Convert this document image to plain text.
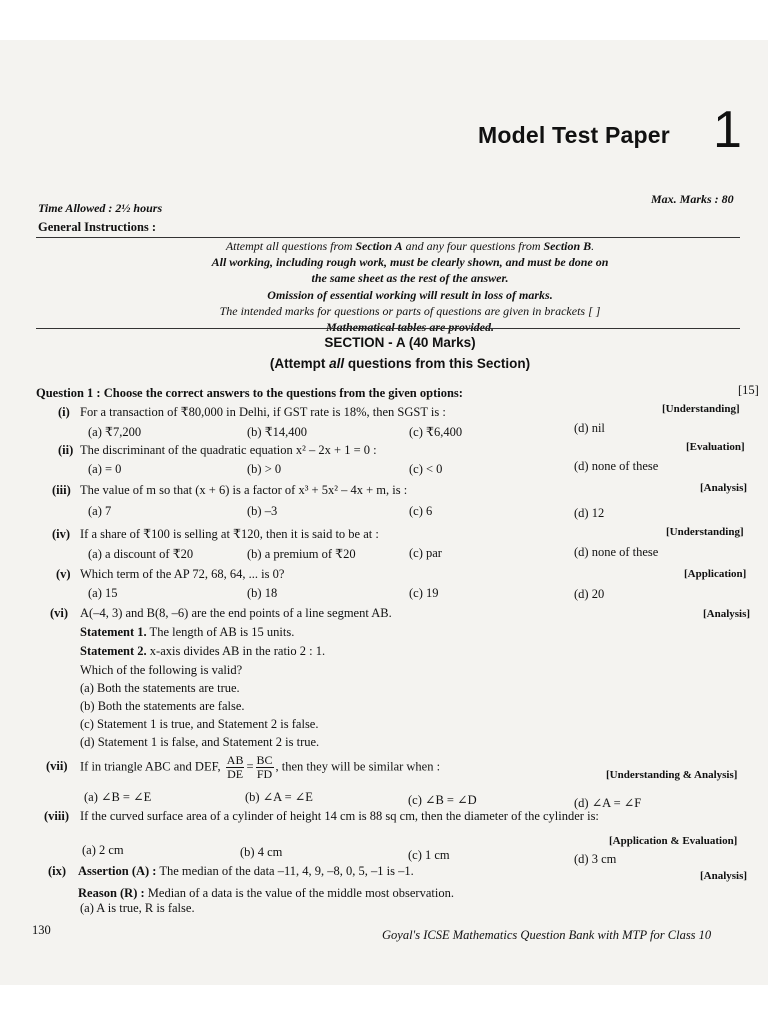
Model Test Paper 1
Time Allowed : 2½ hours
Max. Marks : 80
General Instructions :
Attempt all questions from Section A and any four questions from Section B.
All working, including rough work, must be clearly shown, and must be done on
the same sheet as the rest of the answer.
Omission of essential working will result in loss of marks.
The intended marks for questions or parts of questions are given in brackets [ ]
SECTION - A (40 Marks)
(Attempt all questions from this Section)
Question 1 : Choose the correct answers to the questions from the given options:	[15]
(i) For a transaction of ₹80,000 in Delhi, if GST rate is 18%, then SGST is :	[Understanding]
(a) ₹7,200	(b) ₹14,400	(c) ₹6,400	(d) nil
(ii) The discriminant of the quadratic equation x² – 2x + 1 = 0 :	[Evaluation]
(a) = 0	(b) > 0	(c) < 0	(d) none of these
(iii) The value of m so that (x + 6) is a factor of x³ + 5x² – 4x + m, is :	[Analysis]
(a) 7	(b) –3	(c) 6	(d) 12
(iv) If a share of ₹100 is selling at ₹120, then it is said to be at :	[Understanding]
(a) a discount of ₹20	(b) a premium of ₹20	(c) par	(d) none of these
(v) Which term of the AP 72, 68, 64, ... is 0?	[Application]
(a) 15	(b) 18	(c) 19	(d) 20
(vi) A(–4, 3) and B(8, –6) are the end points of a line segment AB.	[Analysis]
Statement 1. The length of AB is 15 units.
Statement 2. x-axis divides AB in the ratio 2 : 1.
Which of the following is valid?
(a) Both the statements are true.
(b) Both the statements are false.
(c) Statement 1 is true, and Statement 2 is false.
(d) Statement 1 is false, and Statement 2 is true.
(vii) If in triangle ABC and DEF, $\frac{AB}{DE} = \frac{BC}{FD}$ , then they will be similar when :
[Understanding & Analysis]
(a) ∠B = ∠E	(b) ∠A = ∠E	(c) ∠B = ∠D	(d) ∠A = ∠F
(viii) If the curved surface area of a cylinder of height 14 cm is 88 sq cm, then the diameter of the cylinder is:
[Application & Evaluation]
(a) 2 cm	(b) 4 cm	(c) 1 cm	(d) 3 cm
(ix) Assertion (A) : The median of the data –11, 4, 9, –8, 0, 5, –1 is –1.	[Analysis]
Reason (R) : Median of a data is the value of the middle most observation.
(a) A is true, R is false.
130	Goyal's ICSE Mathematics Question Bank with MTP for Class 10
